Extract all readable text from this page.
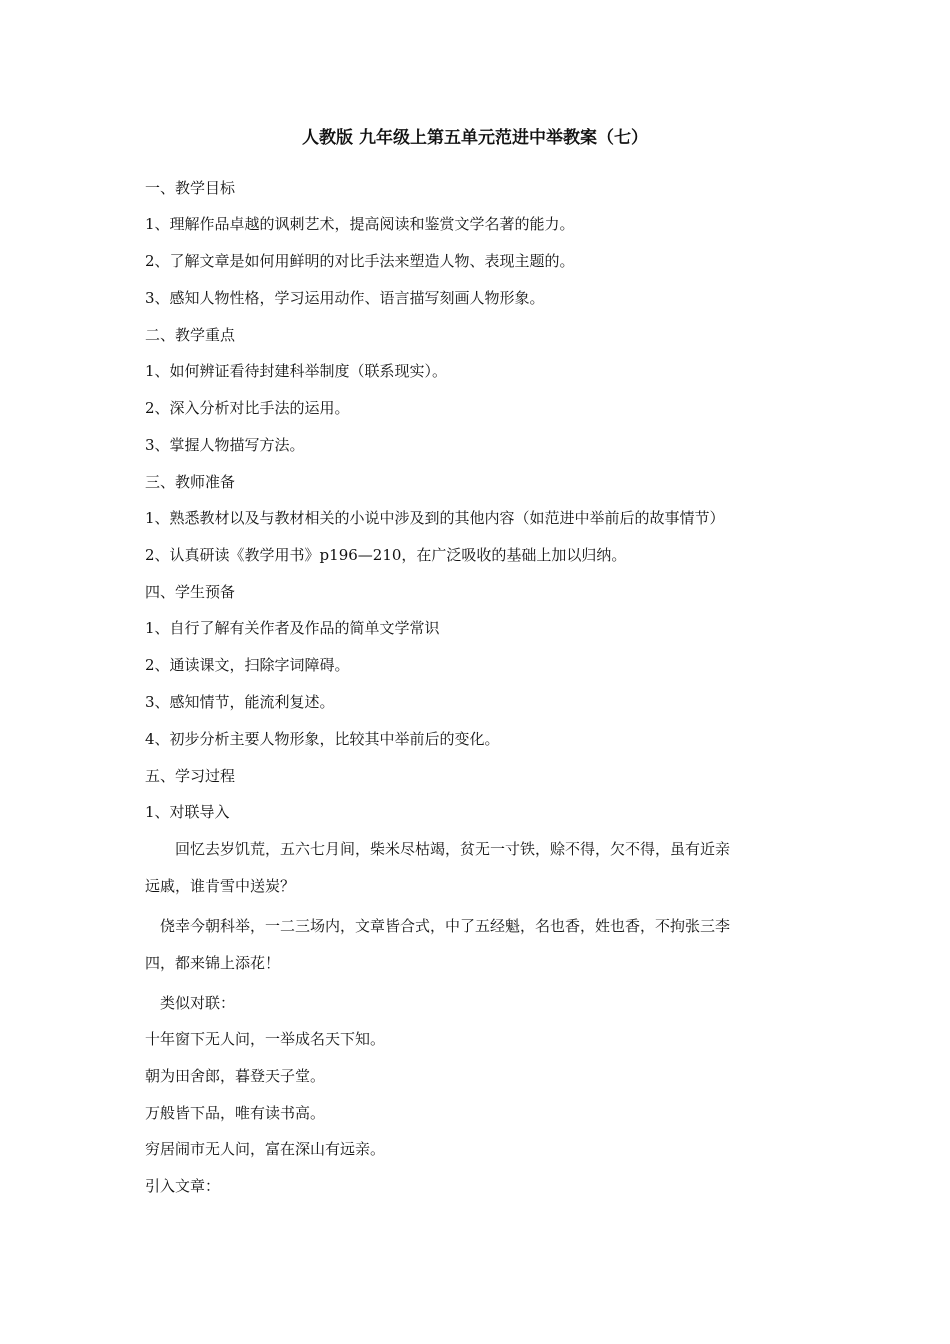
人教版 九年级上第五单元范进中举教案（七）
一、教学目标
1、理解作品卓越的讽刺艺术，提高阅读和鉴赏文学名著的能力。
2、了解文章是如何用鲜明的对比手法来塑造人物、表现主题的。
3、感知人物性格，学习运用动作、语言描写刻画人物形象。
二、教学重点
1、如何辨证看待封建科举制度（联系现实）。
2、深入分析对比手法的运用。
3、掌握人物描写方法。
三、教师准备
1、熟悉教材以及与教材相关的小说中涉及到的其他内容（如范进中举前后的故事情节）
2、认真研读《教学用书》p196—210，在广泛吸收的基础上加以归纳。
四、学生预备
1、自行了解有关作者及作品的简单文学常识
2、通读课文，扫除字词障碍。
3、感知情节，能流利复述。
4、初步分析主要人物形象，比较其中举前后的变化。
五、学习过程
1、对联导入
　　回忆去岁饥荒，五六七月间，柴米尽枯竭，贫无一寸铁，赊不得，欠不得，虽有近亲
远戚，谁肯雪中送炭？
　侥幸今朝科举，一二三场内，文章皆合式，中了五经魁，名也香，姓也香，不拘张三李
四，都来锦上添花！
　类似对联：
十年窗下无人问，一举成名天下知。
朝为田舍郎，暮登天子堂。
万般皆下品，唯有读书高。
穷居闹市无人问，富在深山有远亲。
引入文章：
